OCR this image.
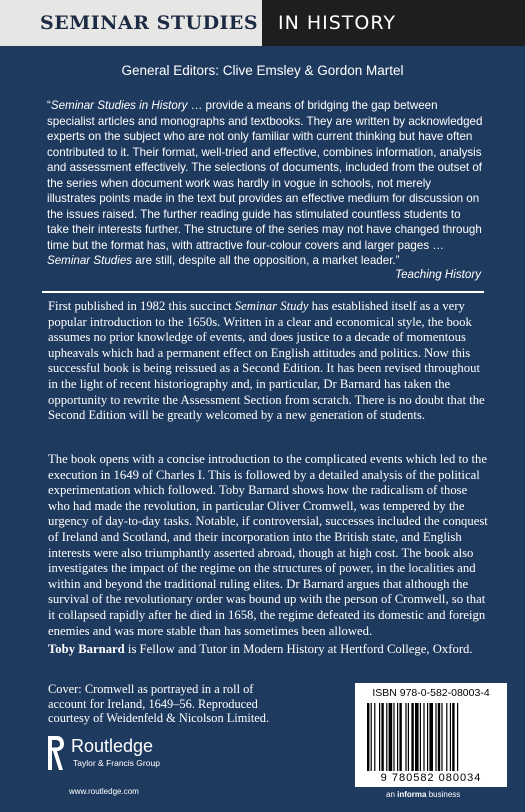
SEMINAR STUDIES	IN HISTORY
General Editors: Clive Emsley & Gordon Martel
“Seminar Studies in History … provide a means of bridging the gap between specialist articles and monographs and textbooks. They are written by acknowledged experts on the subject who are not only familiar with current thinking but have often contributed to it. Their format, well-tried and effective, combines information, analysis and assessment effectively. The selections of documents, included from the outset of the series when document work was hardly in vogue in schools, not merely illustrates points made in the text but provides an effective medium for discussion on the issues raised. The further reading guide has stimulated countless students to take their interests further. The structure of the series may not have changed through time but the format has, with attractive four-colour covers and larger pages … Seminar Studies are still, despite all the opposition, a market leader.”
Teaching History
First published in 1982 this succinct Seminar Study has established itself as a very popular introduction to the 1650s. Written in a clear and economical style, the book assumes no prior knowledge of events, and does justice to a decade of momentous upheavals which had a permanent effect on English attitudes and politics. Now this successful book is being reissued as a Second Edition. It has been revised throughout in the light of recent historiography and, in particular, Dr Barnard has taken the opportunity to rewrite the Assessment Section from scratch. There is no doubt that the Second Edition will be greatly welcomed by a new generation of students.
The book opens with a concise introduction to the complicated events which led to the execution in 1649 of Charles I. This is followed by a detailed analysis of the political experimentation which followed. Toby Barnard shows how the radicalism of those who had made the revolution, in particular Oliver Cromwell, was tempered by the urgency of day-to-day tasks. Notable, if controversial, successes included the conquest of Ireland and Scotland, and their incorporation into the British state, and English interests were also triumphantly asserted abroad, though at high cost. The book also investigates the impact of the regime on the structures of power, in the localities and within and beyond the traditional ruling elites. Dr Barnard argues that although the survival of the revolutionary order was bound up with the person of Cromwell, so that it collapsed rapidly after he died in 1658, the regime defeated its domestic and foreign enemies and was more stable than has sometimes been allowed.
Toby Barnard is Fellow and Tutor in Modern History at Hertford College, Oxford.
Cover: Cromwell as portrayed in a roll of account for Ireland, 1649–56. Reproduced courtesy of Weidenfeld & Nicolson Limited.
Routledge
Taylor & Francis Group
www.routledge.com
ISBN 978-0-582-08003-4
9 780582 080034
an informa business
